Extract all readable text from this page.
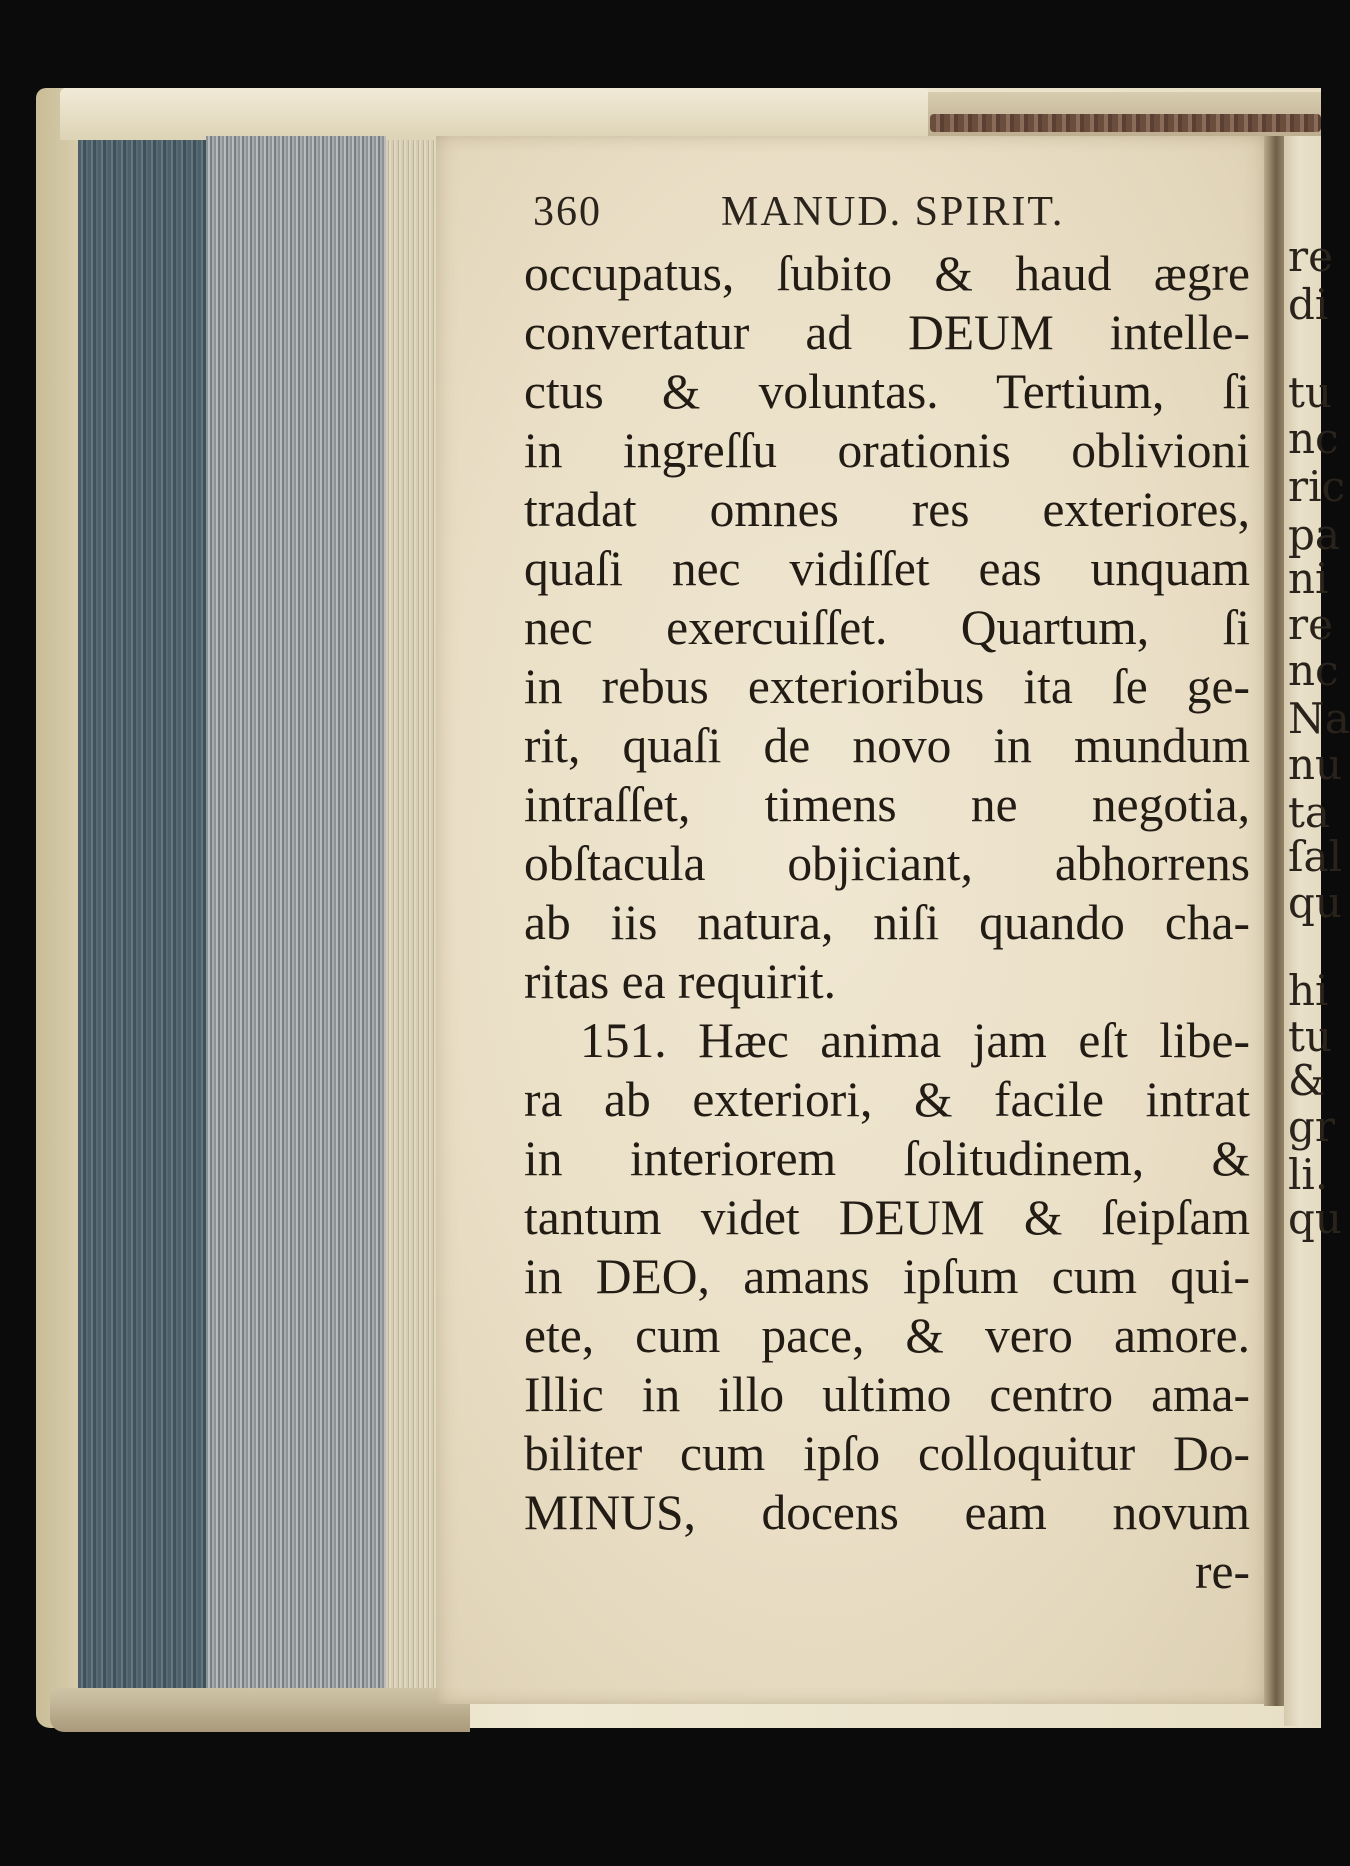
re
di
tu
nc
ric
pa
ni
re
nc
Na
nu
ta
ſal
qu
hi
tu
&
gr
li.
qu
360	MANUD. SPIRIT.
occupatus, ſubito & haud ægre
convertatur ad DEUM intelle-
ctus & voluntas. Tertium, ſi
in ingreſſu orationis oblivioni
tradat omnes res exteriores,
quaſi nec vidiſſet eas unquam
nec exercuiſſet. Quartum, ſi
in rebus exterioribus ita ſe ge-
rit, quaſi de novo in mundum
intraſſet, timens ne negotia,
obſtacula objiciant, abhorrens
ab iis natura, niſi quando cha-
ritas ea requirit.
151. Hæc anima jam eſt libe-
ra ab exteriori, & facile intrat
in interiorem ſolitudinem, &
tantum videt DEUM & ſeipſam
in DEO, amans ipſum cum qui-
ete, cum pace, & vero amore.
Illic in illo ultimo centro ama-
biliter cum ipſo colloquitur Do-
MINUS, docens eam novum
re-
